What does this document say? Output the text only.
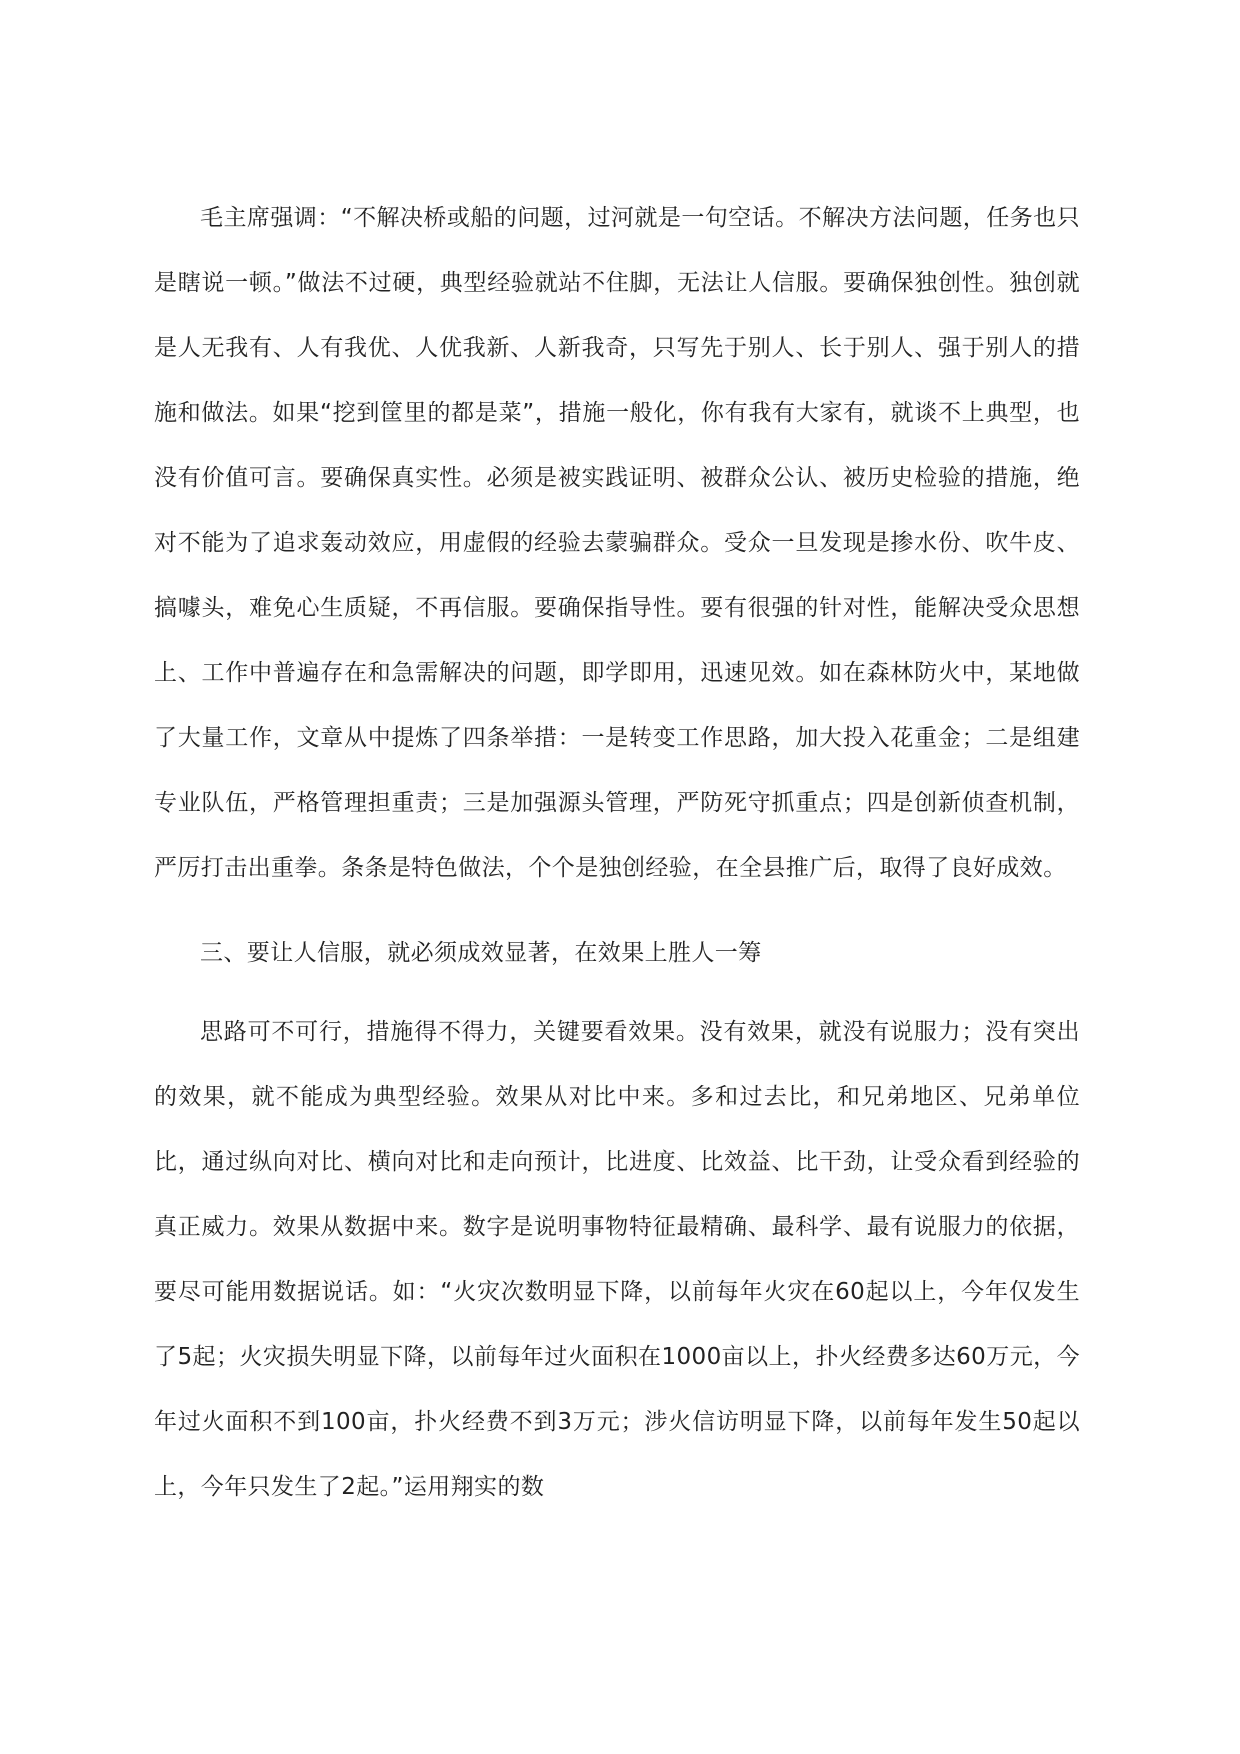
毛主席强调：“不解决桥或船的问题，过河就是一句空话。不解决方法问题，任务也只是瞎说一顿。”做法不过硬，典型经验就站不住脚，无法让人信服。要确保独创性。独创就是人无我有、人有我优、人优我新、人新我奇，只写先于别人、长于别人、强于别人的措施和做法。如果“挖到筐里的都是菜”，措施一般化，你有我有大家有，就谈不上典型，也没有价值可言。要确保真实性。必须是被实践证明、被群众公认、被历史检验的措施，绝对不能为了追求轰动效应，用虚假的经验去蒙骗群众。受众一旦发现是掺水份、吹牛皮、搞噱头，难免心生质疑，不再信服。要确保指导性。要有很强的针对性，能解决受众思想上、工作中普遍存在和急需解决的问题，即学即用，迅速见效。如在森林防火中，某地做了大量工作，文章从中提炼了四条举措：一是转变工作思路，加大投入花重金；二是组建专业队伍，严格管理担重责；三是加强源头管理，严防死守抓重点；四是创新侦查机制，严厉打击出重拳。条条是特色做法，个个是独创经验，在全县推广后，取得了良好成效。

三、要让人信服，就必须成效显著，在效果上胜人一筹

思路可不可行，措施得不得力，关键要看效果。没有效果，就没有说服力；没有突出的效果，就不能成为典型经验。效果从对比中来。多和过去比，和兄弟地区、兄弟单位比，通过纵向对比、横向对比和走向预计，比进度、比效益、比干劲，让受众看到经验的真正威力。效果从数据中来。数字是说明事物特征最精确、最科学、最有说服力的依据，要尽可能用数据说话。如：“火灾次数明显下降，以前每年火灾在60起以上，今年仅发生了5起；火灾损失明显下降，以前每年过火面积在1000亩以上，扑火经费多达60万元，今年过火面积不到100亩，扑火经费不到3万元；涉火信访明显下降，以前每年发生50起以上，今年只发生了2起。”运用翔实的数
